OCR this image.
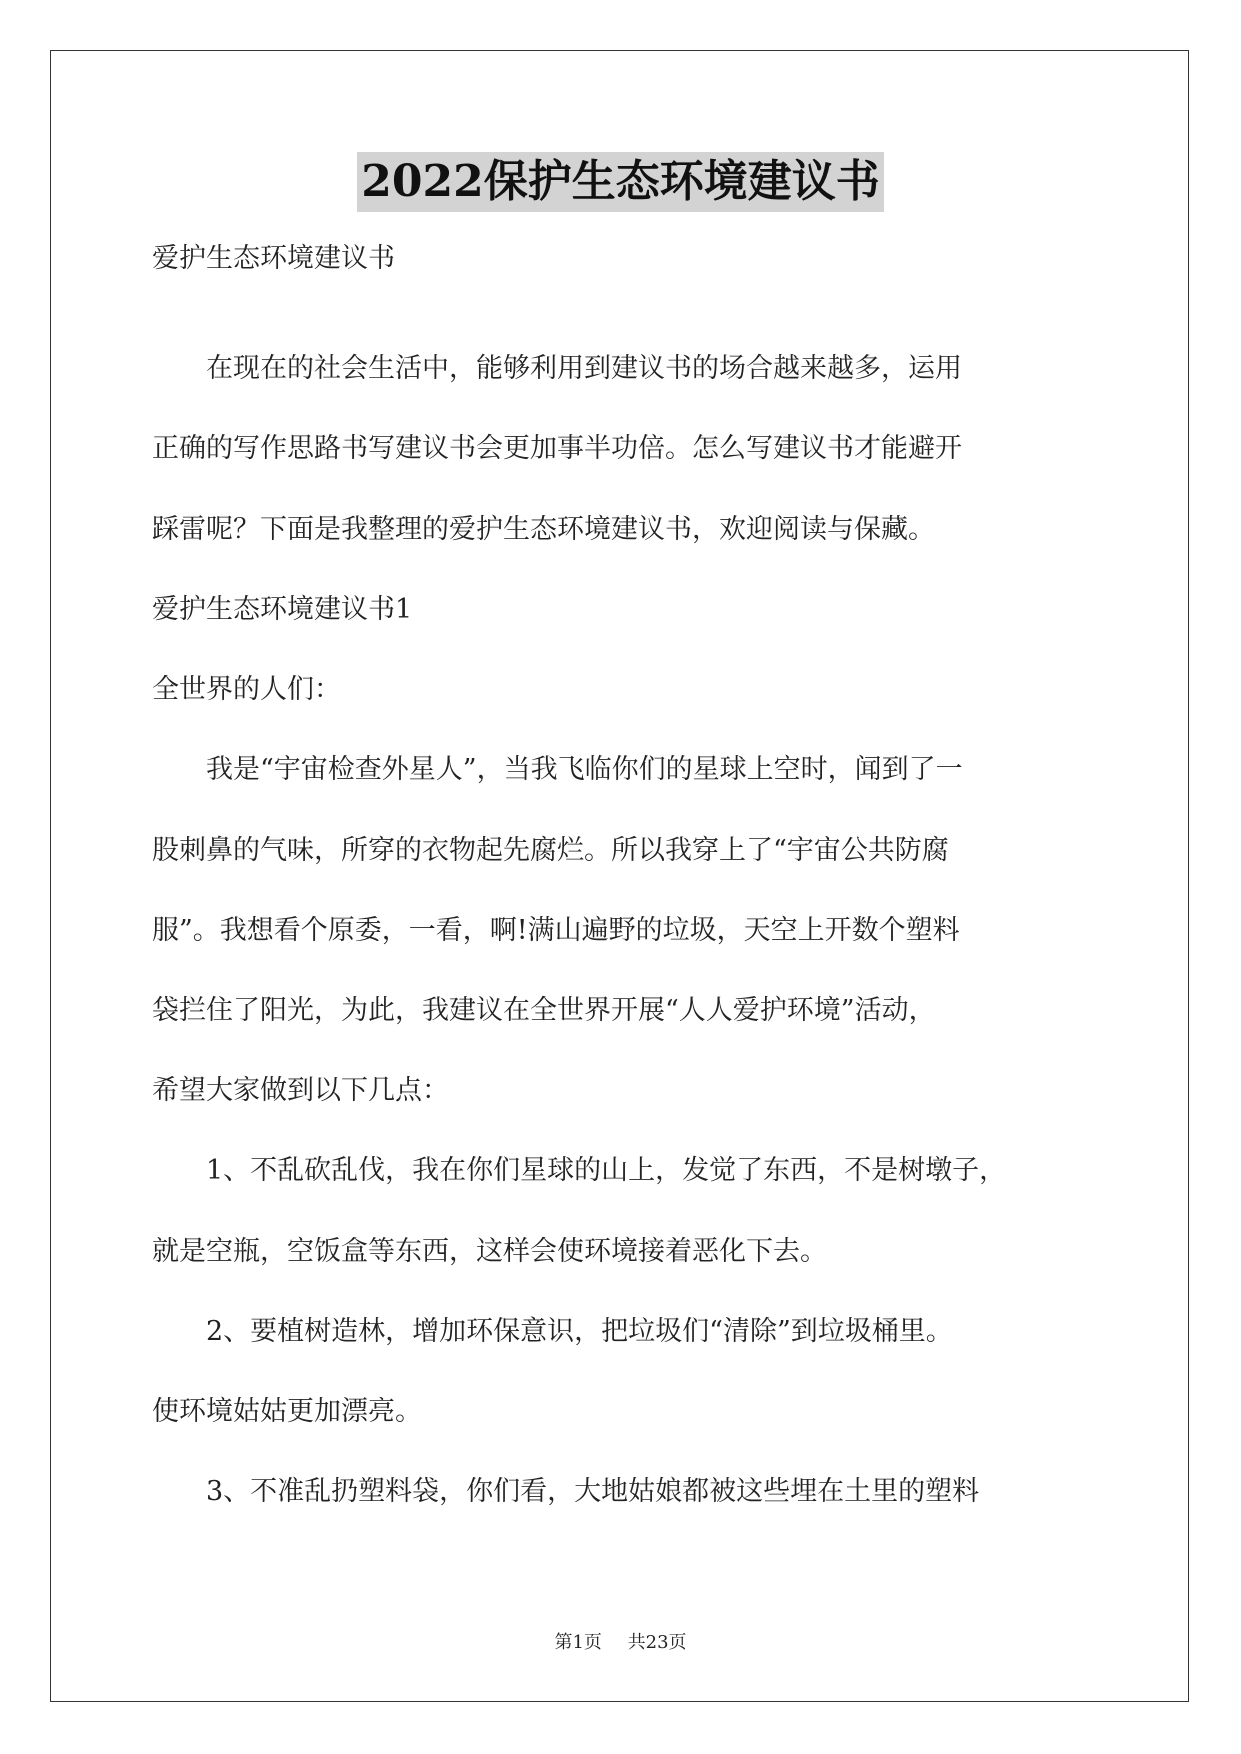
2022保护生态环境建议书
爱护生态环境建议书
　　在现在的社会生活中，能够利用到建议书的场合越来越多，运用
正确的写作思路书写建议书会更加事半功倍。怎么写建议书才能避开
踩雷呢？下面是我整理的爱护生态环境建议书，欢迎阅读与保藏。
爱护生态环境建议书1
全世界的人们：
　　我是“宇宙检查外星人”，当我飞临你们的星球上空时，闻到了一
股刺鼻的气味，所穿的衣物起先腐烂。所以我穿上了“宇宙公共防腐
服”。我想看个原委，一看，啊!满山遍野的垃圾，天空上开数个塑料
袋拦住了阳光，为此，我建议在全世界开展“人人爱护环境”活动，
希望大家做到以下几点：
　　1、不乱砍乱伐，我在你们星球的山上，发觉了东西，不是树墩子，
就是空瓶，空饭盒等东西，这样会使环境接着恶化下去。
　　2、要植树造林，增加环保意识，把垃圾们“清除”到垃圾桶里。
使环境姑姑更加漂亮。
　　3、不准乱扔塑料袋，你们看，大地姑娘都被这些埋在土里的塑料
第1页 共23页
